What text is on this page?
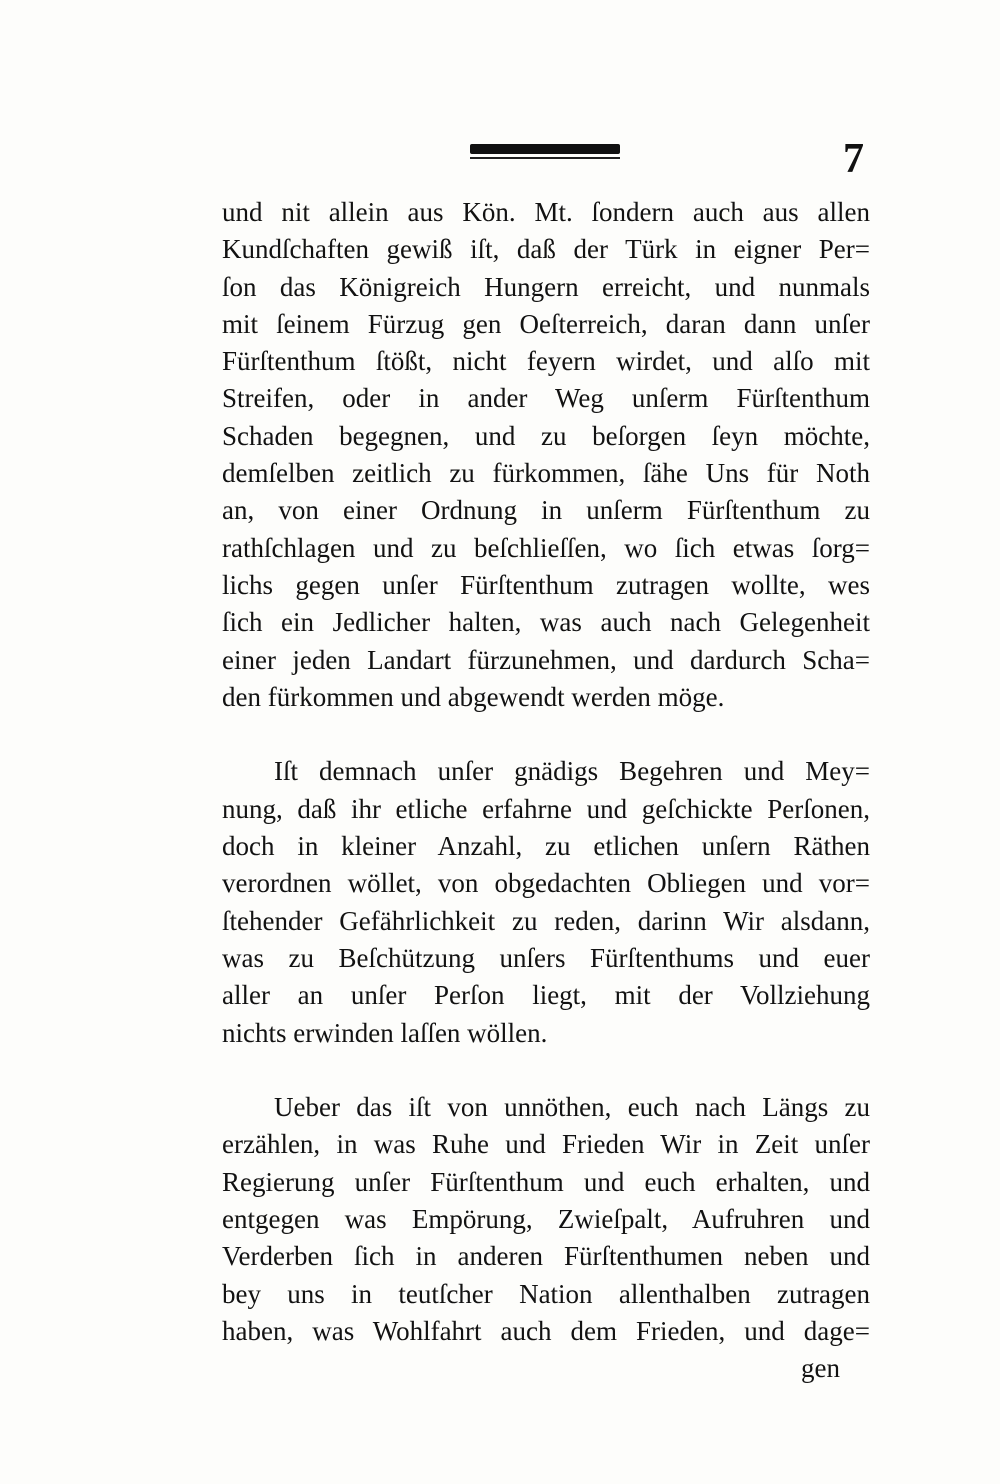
7
und nit allein aus Kön. Mt. ſondern auch aus allen
Kundſchaften gewiß iſt, daß der Türk in eigner Per=
ſon das Königreich Hungern erreicht, und nunmals
mit ſeinem Fürzug gen Oeſterreich, daran dann unſer
Fürſtenthum ſtößt, nicht feyern wirdet, und alſo mit
Streifen, oder in ander Weg unſerm Fürſtenthum
Schaden begegnen, und zu beſorgen ſeyn möchte,
demſelben zeitlich zu fürkommen, ſähe Uns für Noth
an, von einer Ordnung in unſerm Fürſtenthum zu
rathſchlagen und zu beſchlieſſen, wo ſich etwas ſorg=
lichs gegen unſer Fürſtenthum zutragen wollte, wes
ſich ein Jedlicher halten, was auch nach Gelegenheit
einer jeden Landart fürzunehmen, und dardurch Scha=
den fürkommen und abgewendt werden möge.
Iſt demnach unſer gnädigs Begehren und Mey=
nung, daß ihr etliche erfahrne und geſchickte Perſonen,
doch in kleiner Anzahl, zu etlichen unſern Räthen
verordnen wöllet, von obgedachten Obliegen und vor=
ſtehender Gefährlichkeit zu reden, darinn Wir alsdann,
was zu Beſchützung unſers Fürſtenthums und euer
aller an unſer Perſon liegt, mit der Vollziehung
nichts erwinden laſſen wöllen.
Ueber das iſt von unnöthen, euch nach Längs zu
erzählen, in was Ruhe und Frieden Wir in Zeit unſer
Regierung unſer Fürſtenthum und euch erhalten, und
entgegen was Empörung, Zwieſpalt, Aufruhren und
Verderben ſich in anderen Fürſtenthumen neben und
bey uns in teutſcher Nation allenthalben zutragen
haben, was Wohlfahrt auch dem Frieden, und dage=
gen
